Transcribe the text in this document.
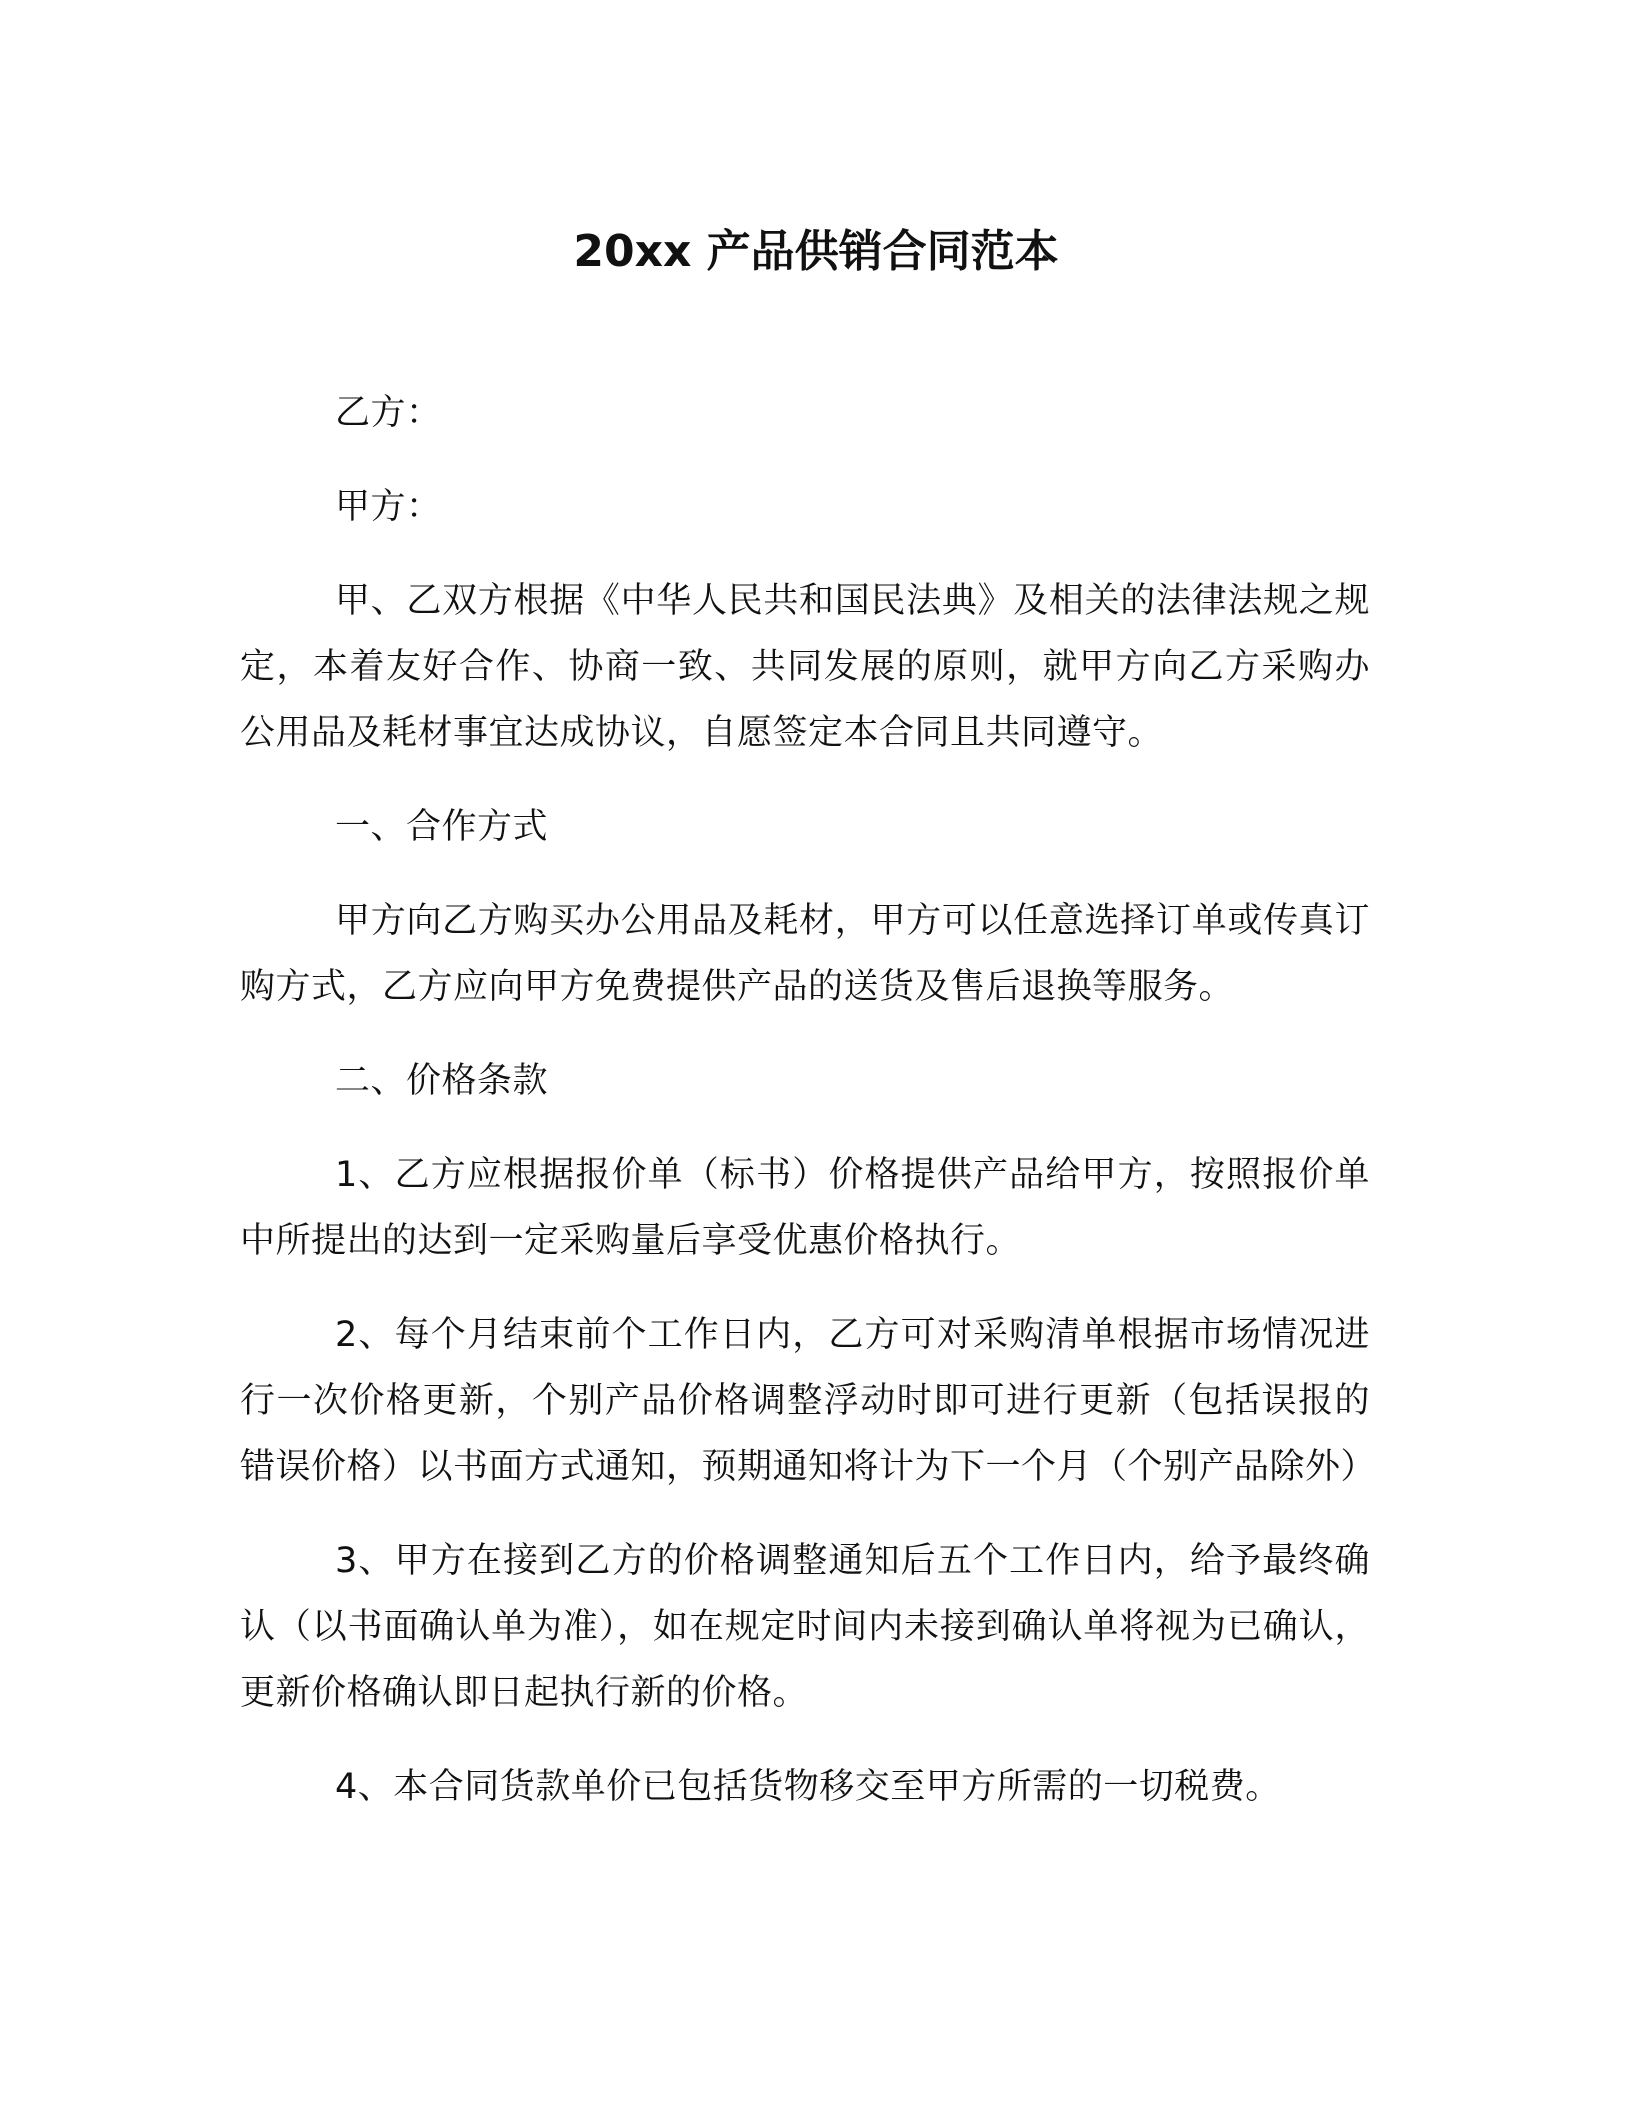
20xx 产品供销合同范本

乙方：

甲方：

甲、乙双方根据《中华人民共和国民法典》及相关的法律法规之规定，本着友好合作、协商一致、共同发展的原则，就甲方向乙方采购办公用品及耗材事宜达成协议，自愿签定本合同且共同遵守。

一、合作方式

甲方向乙方购买办公用品及耗材，甲方可以任意选择订单或传真订购方式，乙方应向甲方免费提供产品的送货及售后退换等服务。

二、价格条款

1、乙方应根据报价单（标书）价格提供产品给甲方，按照报价单中所提出的达到一定采购量后享受优惠价格执行。

2、每个月结束前个工作日内，乙方可对采购清单根据市场情况进行一次价格更新，个别产品价格调整浮动时即可进行更新（包括误报的错误价格）以书面方式通知，预期通知将计为下一个月（个别产品除外）

3、甲方在接到乙方的价格调整通知后五个工作日内，给予最终确认（以书面确认单为准），如在规定时间内未接到确认单将视为已确认，更新价格确认即日起执行新的价格。

4、本合同货款单价已包括货物移交至甲方所需的一切税费。
